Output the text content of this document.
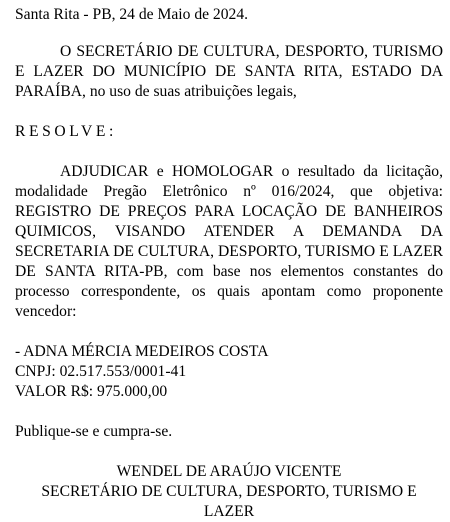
Santa Rita - PB, 24 de Maio de 2024.

O SECRETÁRIO DE CULTURA, DESPORTO, TURISMO E LAZER DO MUNICÍPIO DE SANTA RITA, ESTADO DA PARAÍBA, no uso de suas atribuições legais,

RESOLVE:

ADJUDICAR e HOMOLOGAR o resultado da licitação, modalidade Pregão Eletrônico nº 016/2024, que objetiva: REGISTRO DE PREÇOS PARA LOCAÇÃO DE BANHEIROS QUIMICOS, VISANDO ATENDER A DEMANDA DA SECRETARIA DE CULTURA, DESPORTO, TURISMO E LAZER DE SANTA RITA-PB, com base nos elementos constantes do processo correspondente, os quais apontam como proponente vencedor:

- ADNA MÉRCIA MEDEIROS COSTA
CNPJ: 02.517.553/0001-41
VALOR R$: 975.000,00

Publique-se e cumpra-se.

WENDEL DE ARAÚJO VICENTE
SECRETÁRIO DE CULTURA, DESPORTO, TURISMO E
LAZER
